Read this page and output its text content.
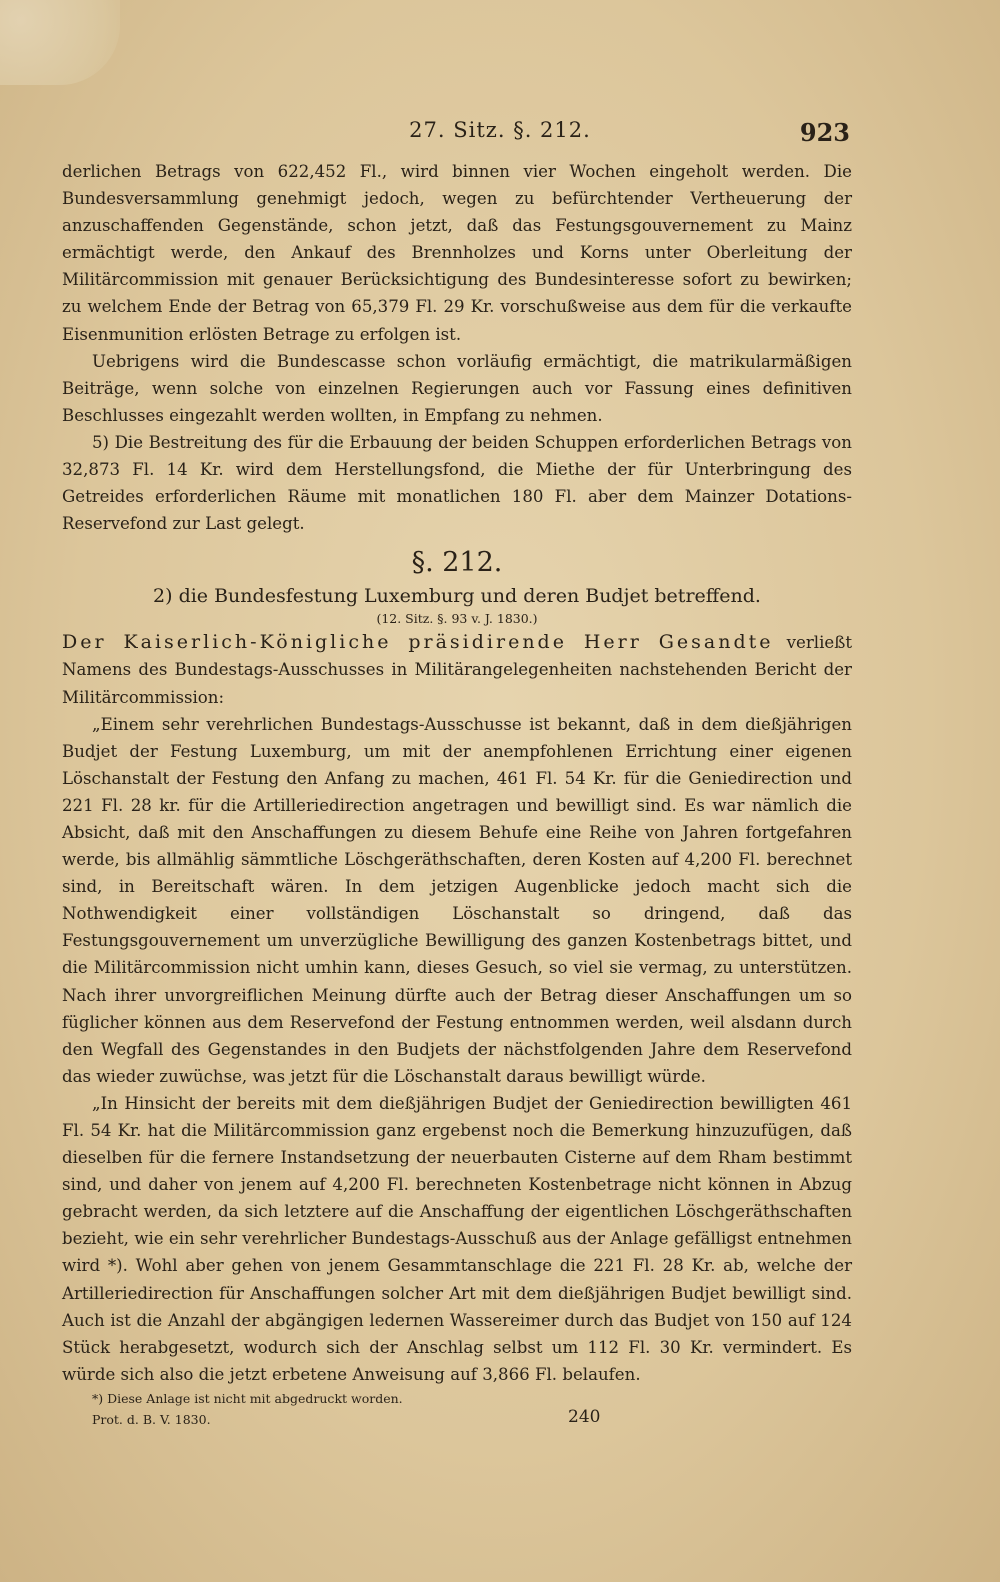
27. Sitz. §. 212.	923

derlichen Betrags von 622,452 Fl., wird binnen vier Wochen eingeholt werden. Die Bundesversammlung genehmigt jedoch, wegen zu befürchtender Vertheuerung der anzuschaffenden Gegenstände, schon jetzt, daß das Festungsgouvernement zu Mainz ermächtigt werde, den Ankauf des Brennholzes und Korns unter Oberleitung der Militärcommission mit genauer Berücksichtigung des Bundesinteresse sofort zu bewirken; zu welchem Ende der Betrag von 65,379 Fl. 29 Kr. vorschußweise aus dem für die verkaufte Eisenmunition erlösten Betrage zu erfolgen ist.

Uebrigens wird die Bundescasse schon vorläufig ermächtigt, die matrikularmäßigen Beiträge, wenn solche von einzelnen Regierungen auch vor Fassung eines definitiven Beschlusses eingezahlt werden wollten, in Empfang zu nehmen.

5) Die Bestreitung des für die Erbauung der beiden Schuppen erforderlichen Betrags von 32,873 Fl. 14 Kr. wird dem Herstellungsfond, die Miethe der für Unterbringung des Getreides erforderlichen Räume mit monatlichen 180 Fl. aber dem Mainzer Dotations-Reservefond zur Last gelegt.

§. 212.
2) die Bundesfestung Luxemburg und deren Budjet betreffend.
(12. Sitz. §. 93 v. J. 1830.)

Der Kaiserlich-Königliche präsidirende Herr Gesandte verließt Namens des Bundestags-Ausschusses in Militärangelegenheiten nachstehenden Bericht der Militärcommission:

„Einem sehr verehrlichen Bundestags-Ausschusse ist bekannt, daß in dem dießjährigen Budjet der Festung Luxemburg, um mit der anempfohlenen Errichtung einer eigenen Löschanstalt der Festung den Anfang zu machen, 461 Fl. 54 Kr. für die Geniedirection und 221 Fl. 28 kr. für die Artilleriedirection angetragen und bewilligt sind. Es war nämlich die Absicht, daß mit den Anschaffungen zu diesem Behufe eine Reihe von Jahren fortgefahren werde, bis allmählig sämmtliche Löschgeräthschaften, deren Kosten auf 4,200 Fl. berechnet sind, in Bereitschaft wären. In dem jetzigen Augenblicke jedoch macht sich die Nothwendigkeit einer vollständigen Löschanstalt so dringend, daß das Festungsgouvernement um unverzügliche Bewilligung des ganzen Kostenbetrags bittet, und die Militärcommission nicht umhin kann, dieses Gesuch, so viel sie vermag, zu unterstützen. Nach ihrer unvorgreiflichen Meinung dürfte auch der Betrag dieser Anschaffungen um so füglicher können aus dem Reservefond der Festung entnommen werden, weil alsdann durch den Wegfall des Gegenstandes in den Budjets der nächstfolgenden Jahre dem Reservefond das wieder zuwüchse, was jetzt für die Löschanstalt daraus bewilligt würde.

„In Hinsicht der bereits mit dem dießjährigen Budjet der Geniedirection bewilligten 461 Fl. 54 Kr. hat die Militärcommission ganz ergebenst noch die Bemerkung hinzuzufügen, daß dieselben für die fernere Instandsetzung der neuerbauten Cisterne auf dem Rham bestimmt sind, und daher von jenem auf 4,200 Fl. berechneten Kostenbetrage nicht können in Abzug gebracht werden, da sich letztere auf die Anschaffung der eigentlichen Löschgeräthschaften bezieht, wie ein sehr verehrlicher Bundestags-Ausschuß aus der Anlage gefälligst entnehmen wird *). Wohl aber gehen von jenem Gesammtanschlage die 221 Fl. 28 Kr. ab, welche der Artilleriedirection für Anschaffungen solcher Art mit dem dießjährigen Budjet bewilligt sind. Auch ist die Anzahl der abgängigen ledernen Wassereimer durch das Budjet von 150 auf 124 Stück herabgesetzt, wodurch sich der Anschlag selbst um 112 Fl. 30 Kr. vermindert. Es würde sich also die jetzt erbetene Anweisung auf 3,866 Fl. belaufen.

*) Diese Anlage ist nicht mit abgedruckt worden.
Prot. d. B. V. 1830.	240
